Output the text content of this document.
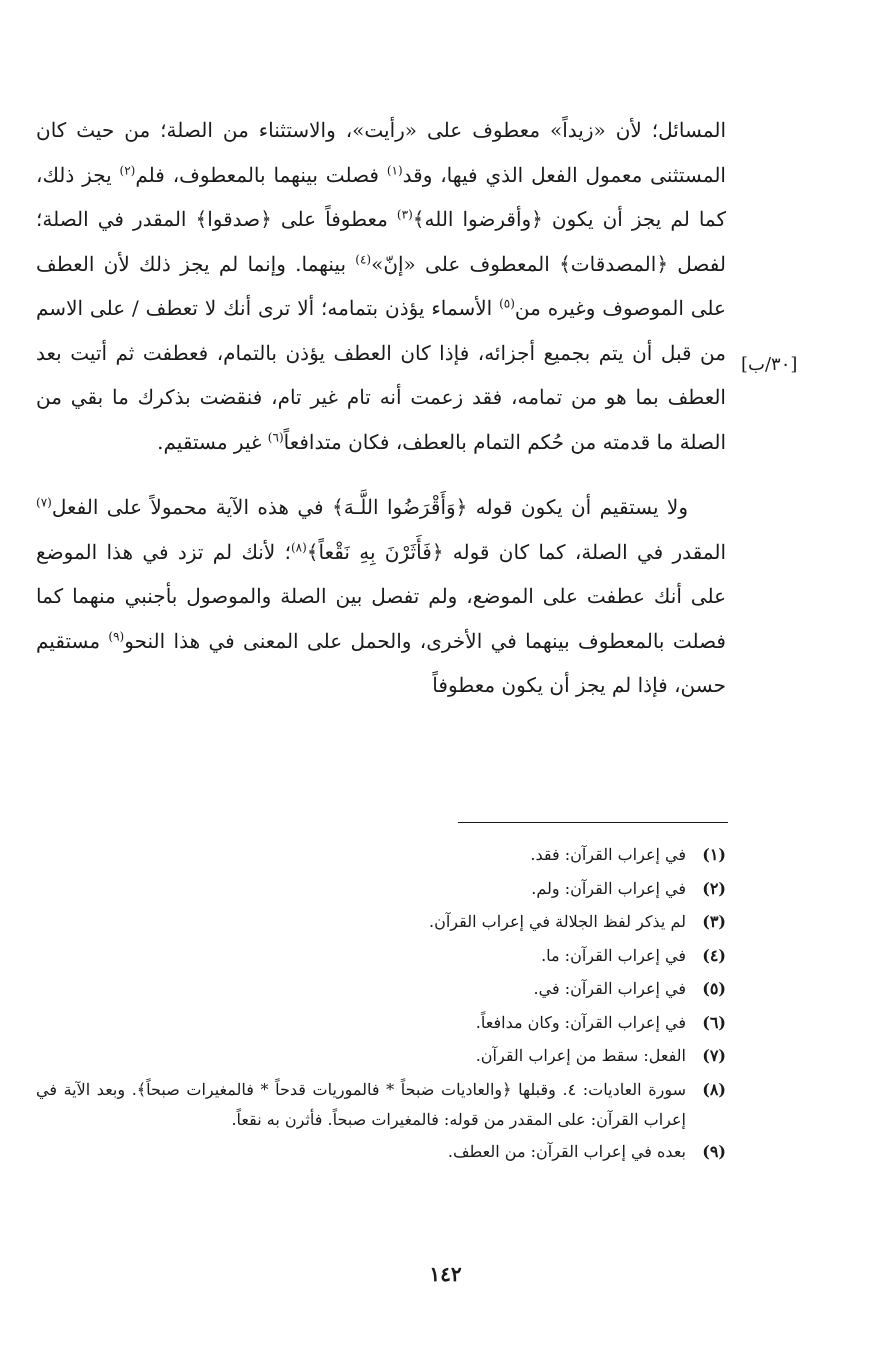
[٣٠/ب]

المسائل؛ لأن «زيداً» معطوف على «رأيت»، والاستثناء من الصلة؛ من حيث كان المستثنى معمول الفعل الذي فيها، وقد$^{(١)}$ فصلت بينهما بالمعطوف، فلم$^{(٢)}$ يجز ذلك، كما لم يجز أن يكون ﴿وأقرضوا الله﴾$^{(٣)}$ معطوفاً على ﴿صدقوا﴾ المقدر في الصلة؛ لفصل ﴿المصدقات﴾ المعطوف على «إنّ»$^{(٤)}$ بينهما. وإنما لم يجز ذلك لأن العطف على الموصوف وغيره من$^{(٥)}$ الأسماء يؤذن بتمامه؛ ألا ترى أنك لا تعطف / على الاسم من قبل أن يتم بجميع أجزائه، فإذا كان العطف يؤذن بالتمام، فعطفت ثم أتيت بعد العطف بما هو من تمامه، فقد زعمت أنه تام غير تام، فنقضت بذكرك ما بقي من الصلة ما قدمته من حُكم التمام بالعطف، فكان متدافعاً$^{(٦)}$ غير مستقيم.

ولا يستقيم أن يكون قوله ﴿وَأَقْرَضُوا اللَّـهَ﴾ في هذه الآية محمولاً على الفعل$^{(٧)}$ المقدر في الصلة، كما كان قوله ﴿فَأَثَرْنَ بِهِ نَقْعاً﴾$^{(٨)}$؛ لأنك لم تزد في هذا الموضع على أنك عطفت على الموضع، ولم تفصل بين الصلة والموصول بأجنبي منهما كما فصلت بالمعطوف بينهما في الأخرى، والحمل على المعنى في هذا النحو$^{(٩)}$ مستقيم حسن، فإذا لم يجز أن يكون معطوفاً

(١)
في إعراب القرآن: فقد.
(٢)
في إعراب القرآن: ولم.
(٣)
لم يذكر لفظ الجلالة في إعراب القرآن.
(٤)
في إعراب القرآن: ما.
(٥)
في إعراب القرآن: في.
(٦)
في إعراب القرآن: وكان مدافعاً.
(٧)
الفعل: سقط من إعراب القرآن.
(٨)
سورة العاديات: ٤. وقبلها ﴿والعاديات ضبحاً * فالموريات قدحاً * فالمغيرات صبحاً﴾. وبعد الآية في إعراب القرآن: على المقدر من قوله: فالمغيرات صبحاً. فأثرن به نقعاً.
(٩)
بعده في إعراب القرآن: من العطف.
١٤٢
